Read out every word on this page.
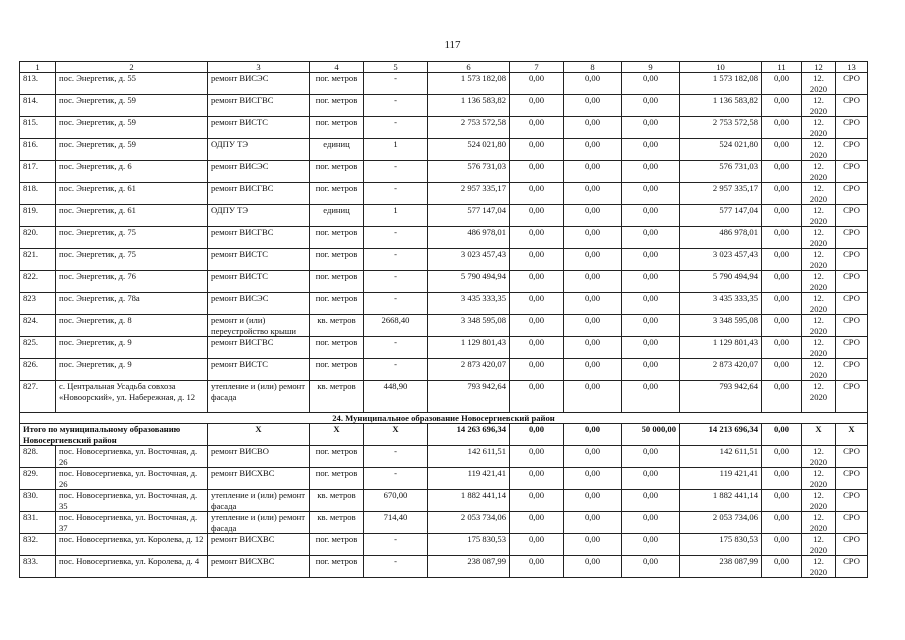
117
1	2	3	4	5	6	7	8	9	10	11	12	13
813.	пос. Энергетик, д. 55	ремонт ВИСЭС	пог. метров	-	1 573 182,08	0,00	0,00	0,00	1 573 182,08	0,00	12. 2020	СРО
814.	пос. Энергетик, д. 59	ремонт ВИСГВС	пог. метров	-	1 136 583,82	0,00	0,00	0,00	1 136 583,82	0,00	12. 2020	СРО
815.	пос. Энергетик, д. 59	ремонт ВИСТС	пог. метров	-	2 753 572,58	0,00	0,00	0,00	2 753 572,58	0,00	12. 2020	СРО
816.	пос. Энергетик, д. 59	ОДПУ ТЭ	единиц	1	524 021,80	0,00	0,00	0,00	524 021,80	0,00	12. 2020	СРО
817.	пос. Энергетик, д. 6	ремонт ВИСЭС	пог. метров	-	576 731,03	0,00	0,00	0,00	576 731,03	0,00	12. 2020	СРО
818.	пос. Энергетик, д. 61	ремонт ВИСГВС	пог. метров	-	2 957 335,17	0,00	0,00	0,00	2 957 335,17	0,00	12. 2020	СРО
819.	пос. Энергетик, д. 61	ОДПУ ТЭ	единиц	1	577 147,04	0,00	0,00	0,00	577 147,04	0,00	12. 2020	СРО
820.	пос. Энергетик, д. 75	ремонт ВИСГВС	пог. метров	-	486 978,01	0,00	0,00	0,00	486 978,01	0,00	12. 2020	СРО
821.	пос. Энергетик, д. 75	ремонт ВИСТС	пог. метров	-	3 023 457,43	0,00	0,00	0,00	3 023 457,43	0,00	12. 2020	СРО
822.	пос. Энергетик, д. 76	ремонт ВИСТС	пог. метров	-	5 790 494,94	0,00	0,00	0,00	5 790 494,94	0,00	12. 2020	СРО
823	пос. Энергетик, д. 78а	ремонт ВИСЭС	пог. метров	-	3 435 333,35	0,00	0,00	0,00	3 435 333,35	0,00	12. 2020	СРО
824.	пос. Энергетик, д. 8	ремонт и (или) переустройство крыши	кв. метров	2668,40	3 348 595,08	0,00	0,00	0,00	3 348 595,08	0,00	12. 2020	СРО
825.	пос. Энергетик, д. 9	ремонт ВИСГВС	пог. метров	-	1 129 801,43	0,00	0,00	0,00	1 129 801,43	0,00	12. 2020	СРО
826.	пос. Энергетик, д. 9	ремонт ВИСТС	пог. метров	-	2 873 420,07	0,00	0,00	0,00	2 873 420,07	0,00	12. 2020	СРО
827.	с. Центральная Усадьба совхоза «Новоорский», ул. Набережная, д. 12	утепление и (или) ремонт фасада	кв. метров	448,90	793 942,64	0,00	0,00	0,00	793 942,64	0,00	12. 2020	СРО
24. Муниципальное образование Новосергиевский район												
Итого по муниципальному образованию Новосергиевский район		X	X	X	14 263 696,34	0,00	0,00	50 000,00	14 213 696,34	0,00	X	X
828.	пос. Новосергиевка, ул. Восточная, д. 26	ремонт ВИСВО	пог. метров	-	142 611,51	0,00	0,00	0,00	142 611,51	0,00	12. 2020	СРО
829.	пос. Новосергиевка, ул. Восточная, д. 26	ремонт ВИСХВС	пог. метров	-	119 421,41	0,00	0,00	0,00	119 421,41	0,00	12. 2020	СРО
830.	пос. Новосергиевка, ул. Восточная, д. 35	утепление и (или) ремонт фасада	кв. метров	670,00	1 882 441,14	0,00	0,00	0,00	1 882 441,14	0,00	12. 2020	СРО
831.	пос. Новосергиевка, ул. Восточная, д. 37	утепление и (или) ремонт фасада	кв. метров	714,40	2 053 734,06	0,00	0,00	0,00	2 053 734,06	0,00	12. 2020	СРО
832.	пос. Новосергиевка, ул. Королева, д. 12	ремонт ВИСХВС	пог. метров	-	175 830,53	0,00	0,00	0,00	175 830,53	0,00	12. 2020	СРО
833.	пос. Новосергиевка, ул. Королева, д. 4	ремонт ВИСХВС	пог. метров	-	238 087,99	0,00	0,00	0,00	238 087,99	0,00	12. 2020	СРО
